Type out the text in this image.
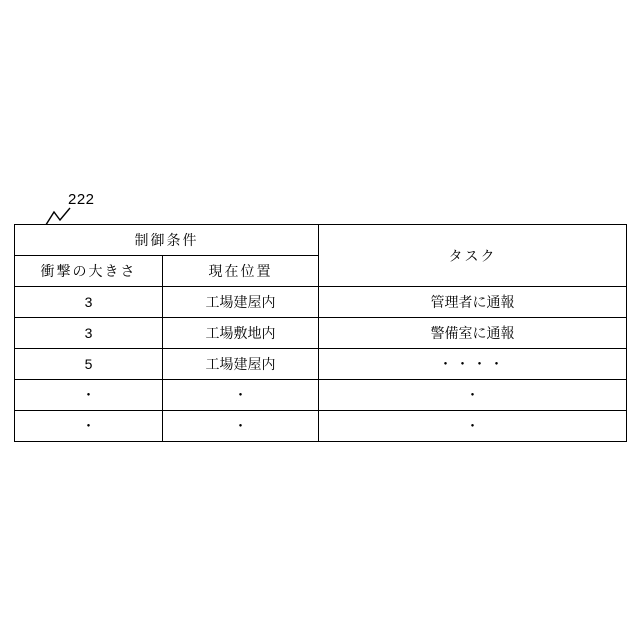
222
制御条件		タスク
衝撃の大きさ	現在位置	
3	工場建屋内	管理者に通報
3	工場敷地内	警備室に通報
5	工場建屋内	・・・・
・	・	・
・	・	・
